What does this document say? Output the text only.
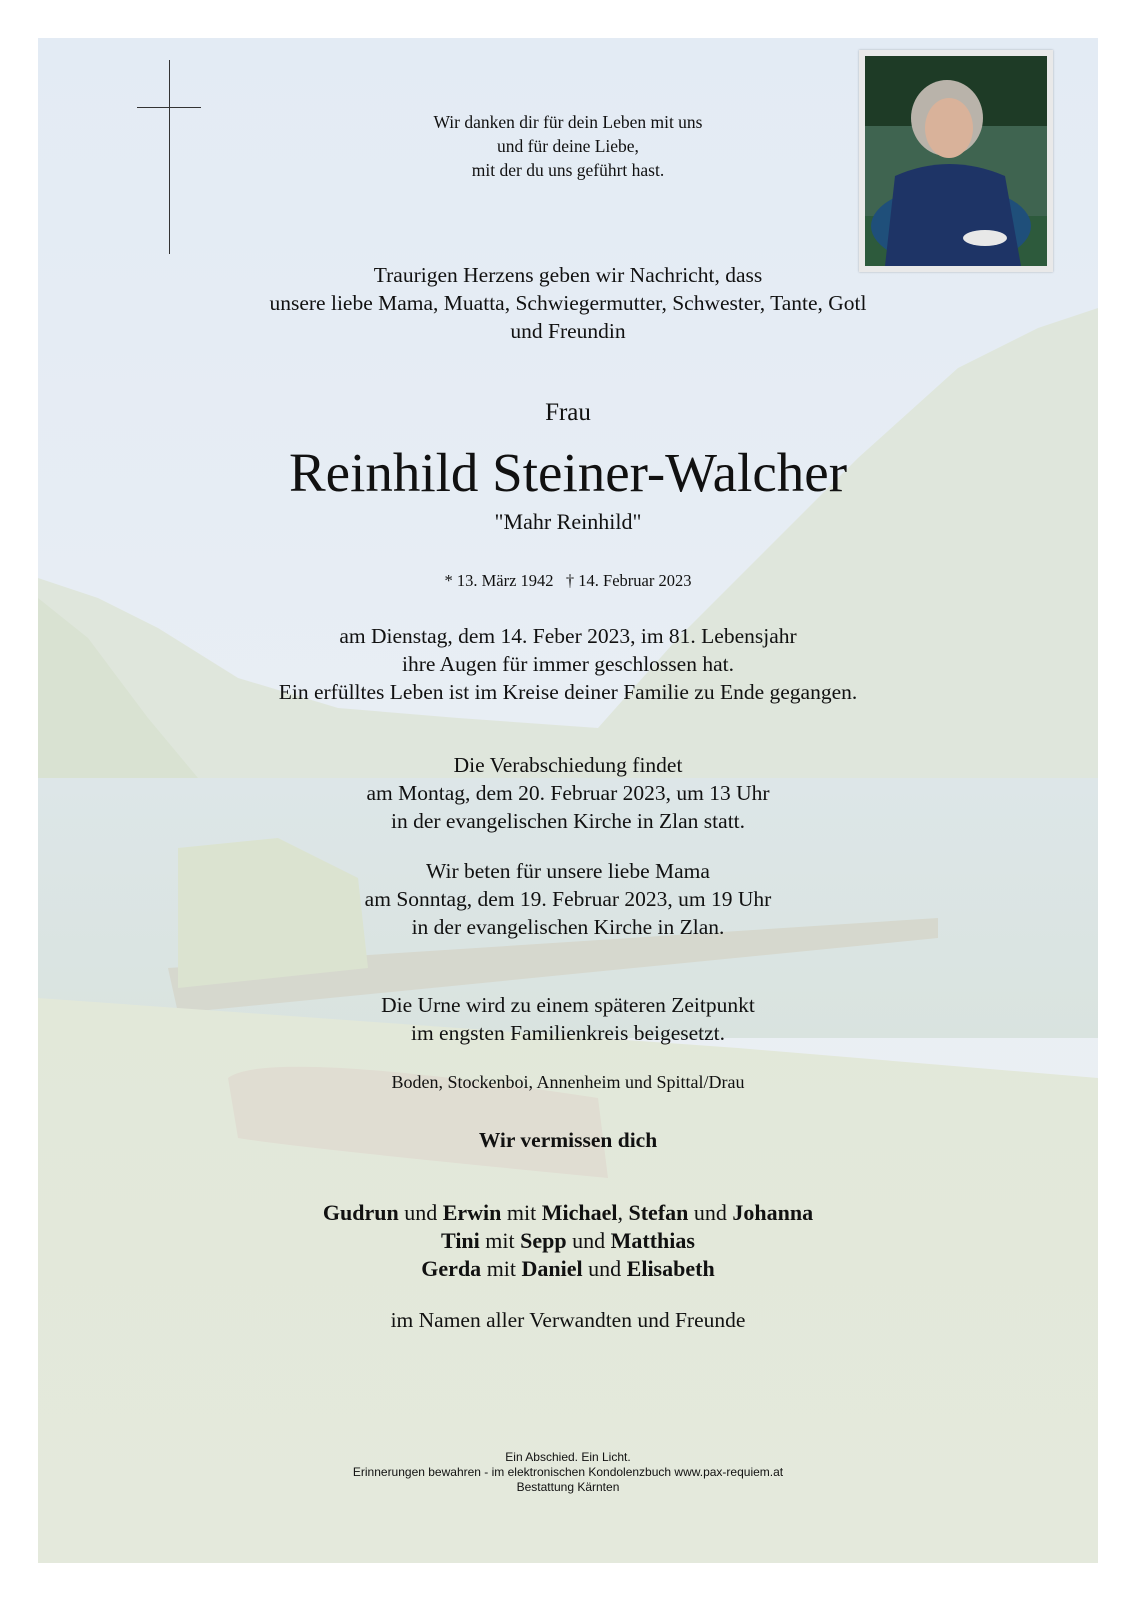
Wir danken dir für dein Leben mit uns
und für deine Liebe,
mit der du uns geführt hast.
Traurigen Herzens geben wir Nachricht, dass
unsere liebe Mama, Muatta, Schwiegermutter, Schwester, Tante, Gotl
und Freundin
Frau
Reinhild Steiner-Walcher
"Mahr Reinhild"
* 13. März 1942   † 14. Februar 2023
am Dienstag, dem 14. Feber 2023, im 81. Lebensjahr
ihre Augen für immer geschlossen hat.
Ein erfülltes Leben ist im Kreise deiner Familie zu Ende gegangen.
Die Verabschiedung findet
am Montag, dem 20. Februar 2023, um 13 Uhr
in der evangelischen Kirche in Zlan statt.
Wir beten für unsere liebe Mama
am Sonntag, dem 19. Februar 2023, um 19 Uhr
in der evangelischen Kirche in Zlan.
Die Urne wird zu einem späteren Zeitpunkt
im engsten Familienkreis beigesetzt.
Boden, Stockenboi, Annenheim und Spittal/Drau
Wir vermissen dich
Gudrun und Erwin mit Michael, Stefan und Johanna
Tini mit Sepp und Matthias
Gerda mit Daniel und Elisabeth
im Namen aller Verwandten und Freunde
Ein Abschied. Ein Licht.
Erinnerungen bewahren - im elektronischen Kondolenzbuch www.pax-requiem.at
Bestattung Kärnten
